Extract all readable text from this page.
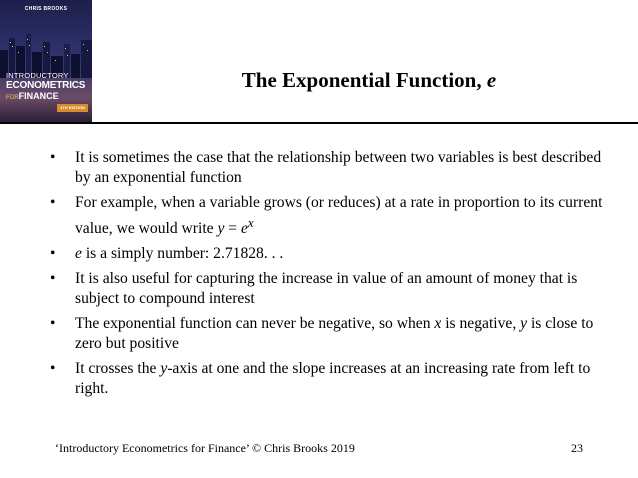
CHRIS BROOKS
INTRODUCTORY
ECONOMETRICS
FORFINANCE
4TH EDITION
The Exponential Function, e
• It is sometimes the case that the relationship between two variables is best described by an exponential function
• For example, when a variable grows (or reduces) at a rate in proportion to its current value, we would write $y = e^x$
• e is a simply number: 2.71828. . .
• It is also useful for capturing the increase in value of an amount of money that is subject to compound interest
• The exponential function can never be negative, so when x is negative, y is close to zero but positive
• It crosses the y-axis at one and the slope increases at an increasing rate from left to right.
‘Introductory Econometrics for Finance’ © Chris Brooks 2019	23
